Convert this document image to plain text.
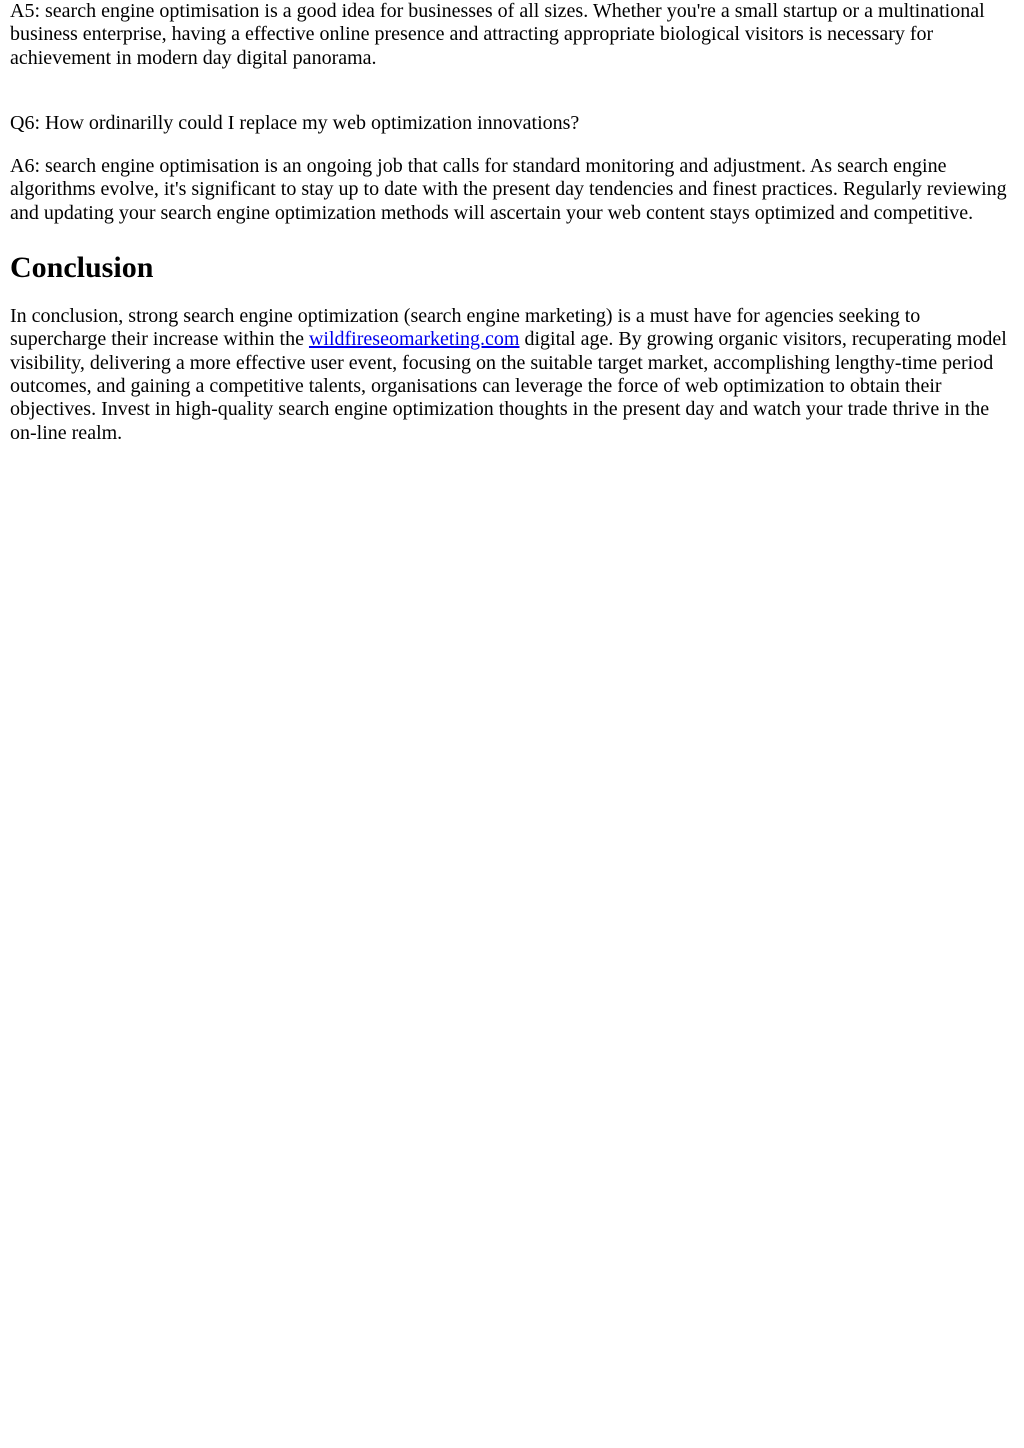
A5: search engine optimisation is a good idea for businesses of all sizes. Whether you're a small startup or a multinational business enterprise, having a effective online presence and attracting appropriate biological visitors is necessary for achievement in modern day digital panorama.

Q6: How ordinarilly could I replace my web optimization innovations?

A6: search engine optimisation is an ongoing job that calls for standard monitoring and adjustment. As search engine algorithms evolve, it's significant to stay up to date with the present day tendencies and finest practices. Regularly reviewing and updating your search engine optimization methods will ascertain your web content stays optimized and competitive.

Conclusion

In conclusion, strong search engine optimization (search engine marketing) is a must have for agencies seeking to supercharge their increase within the wildfireseomarketing.com digital age. By growing organic visitors, recuperating model visibility, delivering a more effective user event, focusing on the suitable target market, accomplishing lengthy-time period outcomes, and gaining a competitive talents, organisations can leverage the force of web optimization to obtain their objectives. Invest in high-quality search engine optimization thoughts in the present day and watch your trade thrive in the on-line realm.
